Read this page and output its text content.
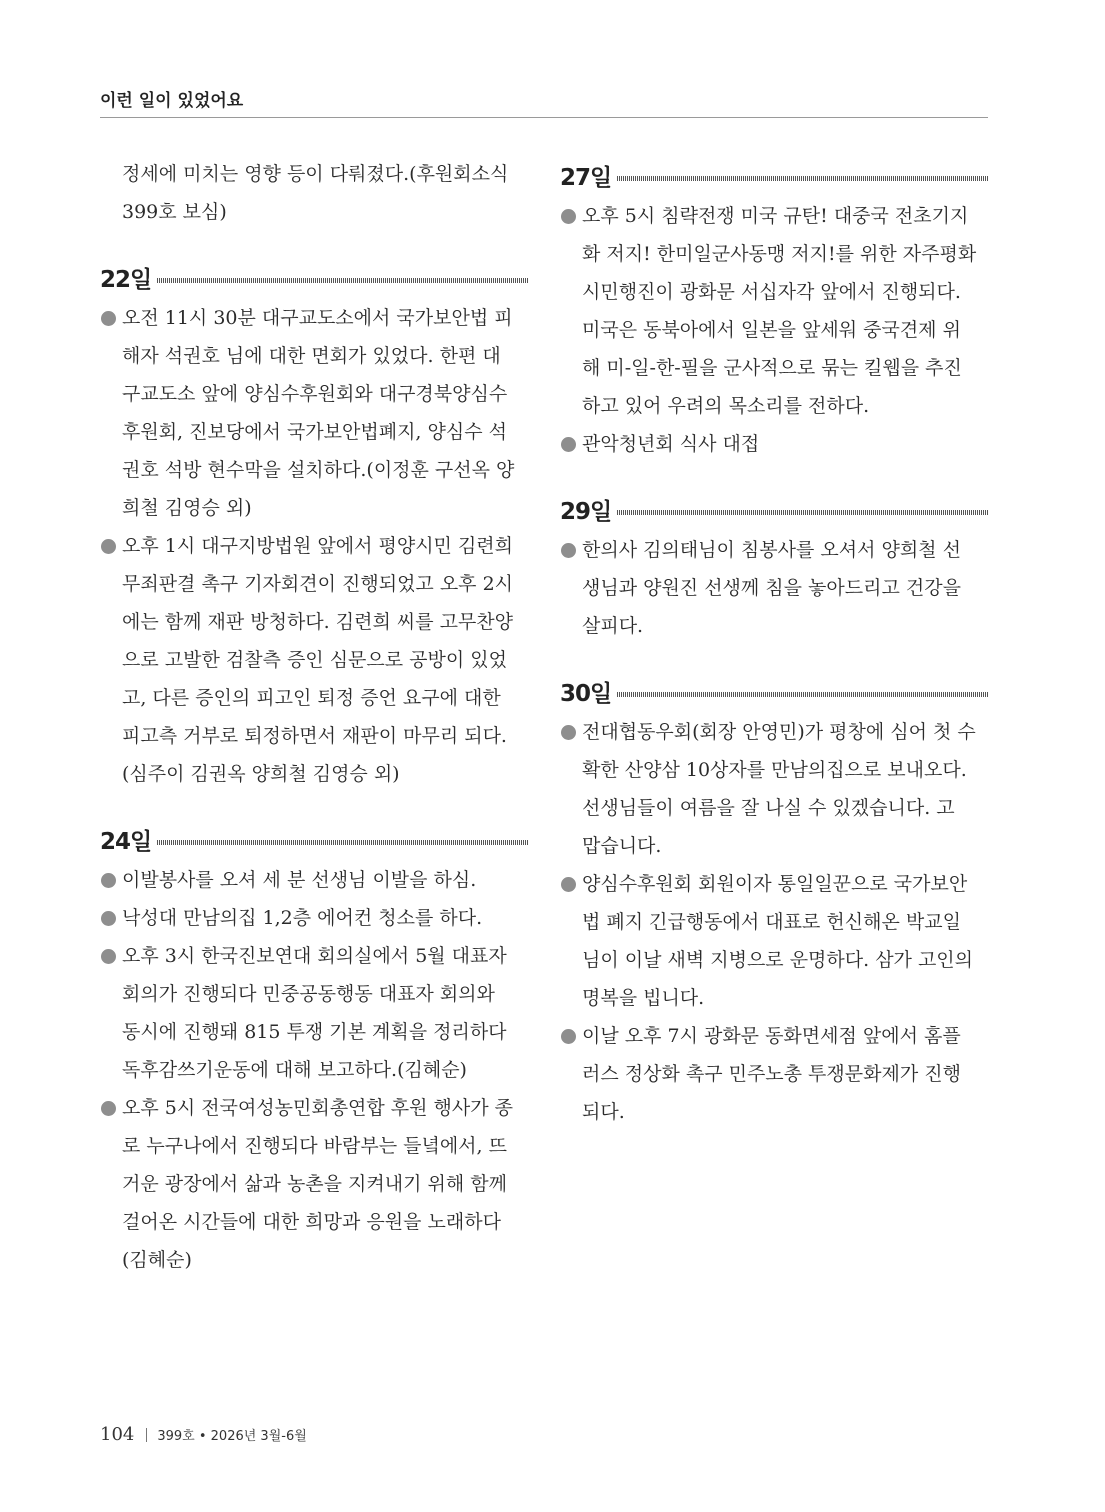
이런 일이 있었어요
정세에 미치는 영향 등이 다뤄졌다.(후원회소식
399호 보심)
22일
오전 11시 30분 대구교도소에서 국가보안법 피
해자 석권호 님에 대한 면회가 있었다. 한편 대
구교도소 앞에 양심수후원회와 대구경북양심수
후원회, 진보당에서 국가보안법폐지, 양심수 석
권호 석방 현수막을 설치하다.(이정훈 구선옥 양
희철 김영승 외)
오후 1시 대구지방법원 앞에서 평양시민 김련희
무죄판결 촉구 기자회견이 진행되었고 오후 2시
에는 함께 재판 방청하다. 김련희 씨를 고무찬양
으로 고발한 검찰측 증인 심문으로 공방이 있었
고, 다른 증인의 피고인 퇴정 증언 요구에 대한
피고측 거부로 퇴정하면서 재판이 마무리 되다.
(심주이 김권옥 양희철 김영승 외)
24일
이발봉사를 오셔 세 분 선생님 이발을 하심.
낙성대 만남의집 1,2층 에어컨 청소를 하다.
오후 3시 한국진보연대 회의실에서 5월 대표자
회의가 진행되다 민중공동행동 대표자 회의와
동시에 진행돼 815 투쟁 기본 계획을 정리하다
독후감쓰기운동에 대해 보고하다.(김혜순)
오후 5시 전국여성농민회총연합 후원 행사가 종
로 누구나에서 진행되다 바람부는 들녘에서, 뜨
거운 광장에서 삶과 농촌을 지켜내기 위해 함께
걸어온 시간들에 대한 희망과 응원을 노래하다
(김혜순)
27일
오후 5시 침략전쟁 미국 규탄! 대중국 전초기지
화 저지! 한미일군사동맹 저지!를 위한 자주평화
시민행진이 광화문 서십자각 앞에서 진행되다.
미국은 동북아에서 일본을 앞세워 중국견제 위
해 미-일-한-필을 군사적으로 묶는 킬웹을 추진
하고 있어 우려의 목소리를 전하다.
관악청년회 식사 대접
29일
한의사 김의태님이 침봉사를 오셔서 양희철 선
생님과 양원진 선생께 침을 놓아드리고 건강을
살피다.
30일
전대협동우회(회장 안영민)가 평창에 심어 첫 수
확한 산양삼 10상자를 만남의집으로 보내오다.
선생님들이 여름을 잘 나실 수 있겠습니다. 고
맙습니다.
양심수후원회 회원이자 통일일꾼으로 국가보안
법 폐지 긴급행동에서 대표로 헌신해온 박교일
님이 이날 새벽 지병으로 운명하다. 삼가 고인의
명복을 빕니다.
이날 오후 7시 광화문 동화면세점 앞에서 홈플
러스 정상화 촉구 민주노총 투쟁문화제가 진행
되다.
104 399호 • 2026년 3월-6월
